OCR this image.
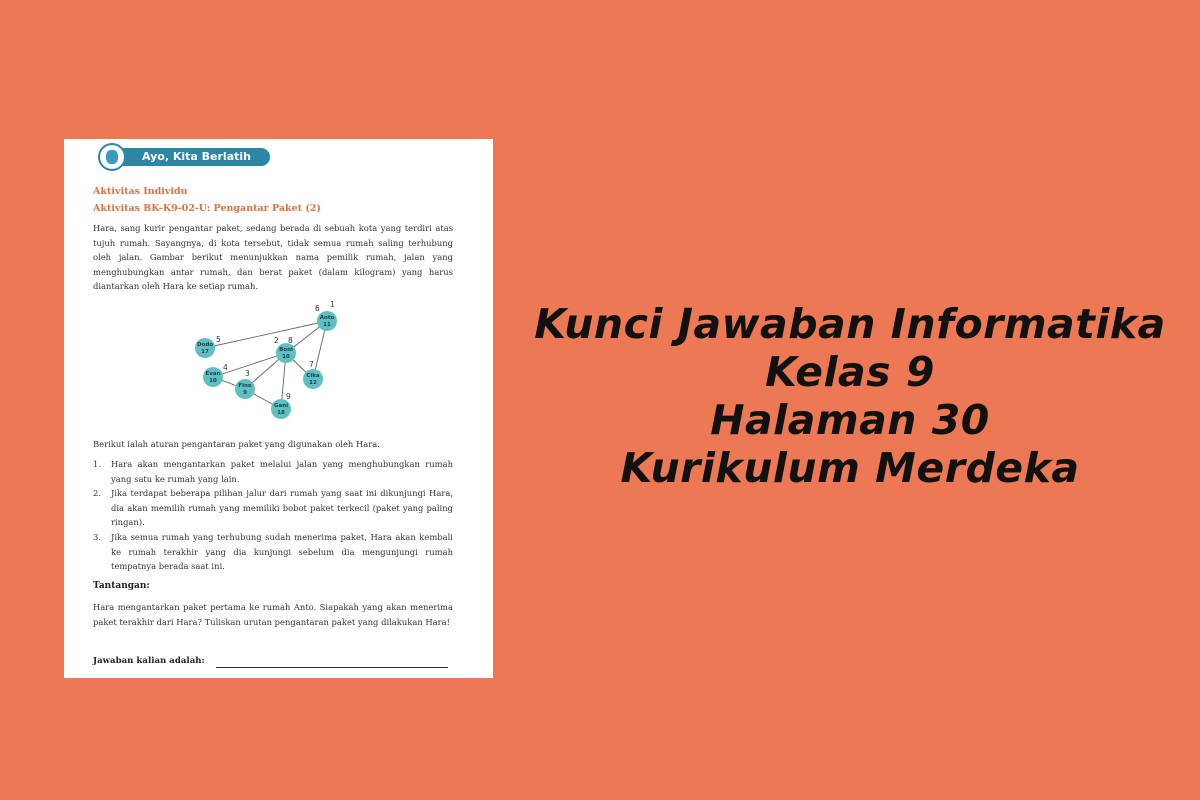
Ayo, Kita Berlatih
Aktivitas Individu
Aktivitas BK-K9-02-U: Pengantar Paket (2)

Hara, sang kurir pengantar paket, sedang berada di sebuah kota yang terdiri atas tujuh rumah. Sayangnya, di kota tersebut, tidak semua rumah saling terhubung oleh jalan. Gambar berikut menunjukkan nama pemilik rumah, jalan yang menghubungkan antar rumah, dan berat paket (dalam kilogram) yang harus diantarkan oleh Hara ke setiap rumah.

1
6
5	2 8
4
3
7
9
Anto
11
Dodo
17	Boni
10
Evan
10
Fino
9
Cika
12
Gani
18

Berikut ialah aturan pengantaran paket yang digunakan oleh Hara.

1. Hara akan mengantarkan paket melalui jalan yang menghubungkan rumah yang satu ke rumah yang lain.
2. Jika terdapat beberapa pilihan jalur dari rumah yang saat ini dikunjungi Hara, dia akan memilih rumah yang memiliki bobot paket terkecil (paket yang paling ringan).
3. Jika semua rumah yang terhubung sudah menerima paket, Hara akan kembali ke rumah terakhir yang dia kunjungi sebelum dia mengunjungi rumah tempatnya berada saat ini.
Tantangan:

Hara mengantarkan paket pertama ke rumah Anto. Siapakah yang akan menerima paket terakhir dari Hara? Tuliskan urutan pengantaran paket yang dilakukan Hara!

Jawaban kalian adalah:
Kunci Jawaban Informatika
Kelas 9
Halaman 30
Kurikulum Merdeka
